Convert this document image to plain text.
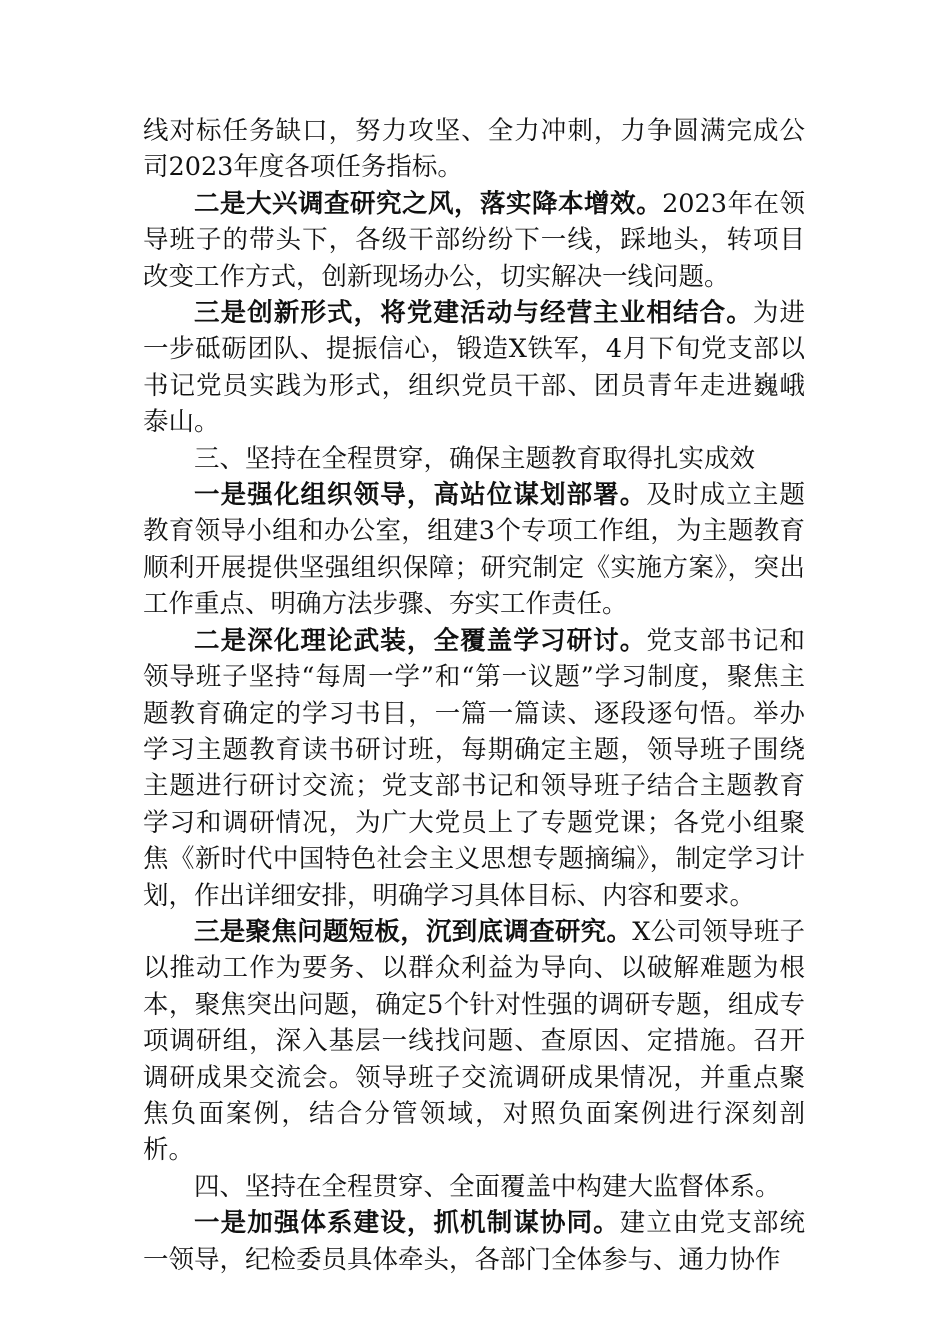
线对标任务缺口，努力攻坚、全力冲刺，力争圆满完成公司2023年度各项任务指标。

二是大兴调查研究之风，落实降本增效。2023年在领导班子的带头下，各级干部纷纷下一线，踩地头，转项目改变工作方式，创新现场办公，切实解决一线问题。

三是创新形式，将党建活动与经营主业相结合。为进一步砥砺团队、提振信心，锻造X铁军，4月下旬党支部以书记党员实践为形式，组织党员干部、团员青年走进巍峨泰山。

三、坚持在全程贯穿，确保主题教育取得扎实成效

一是强化组织领导，高站位谋划部署。及时成立主题教育领导小组和办公室，组建3个专项工作组，为主题教育顺利开展提供坚强组织保障；研究制定《实施方案》，突出工作重点、明确方法步骤、夯实工作责任。

二是深化理论武装，全覆盖学习研讨。党支部书记和领导班子坚持“每周一学”和“第一议题”学习制度，聚焦主题教育确定的学习书目，一篇一篇读、逐段逐句悟。举办学习主题教育读书研讨班，每期确定主题，领导班子围绕主题进行研讨交流；党支部书记和领导班子结合主题教育学习和调研情况，为广大党员上了专题党课；各党小组聚焦《新时代中国特色社会主义思想专题摘编》，制定学习计划，作出详细安排，明确学习具体目标、内容和要求。

三是聚焦问题短板，沉到底调查研究。X公司领导班子以推动工作为要务、以群众利益为导向、以破解难题为根本，聚焦突出问题，确定5个针对性强的调研专题，组成专项调研组，深入基层一线找问题、查原因、定措施。召开调研成果交流会。领导班子交流调研成果情况，并重点聚焦负面案例，结合分管领域，对照负面案例进行深刻剖析。

四、坚持在全程贯穿、全面覆盖中构建大监督体系。

一是加强体系建设，抓机制谋协同。建立由党支部统一领导，纪检委员具体牵头，各部门全体参与、通力协作
